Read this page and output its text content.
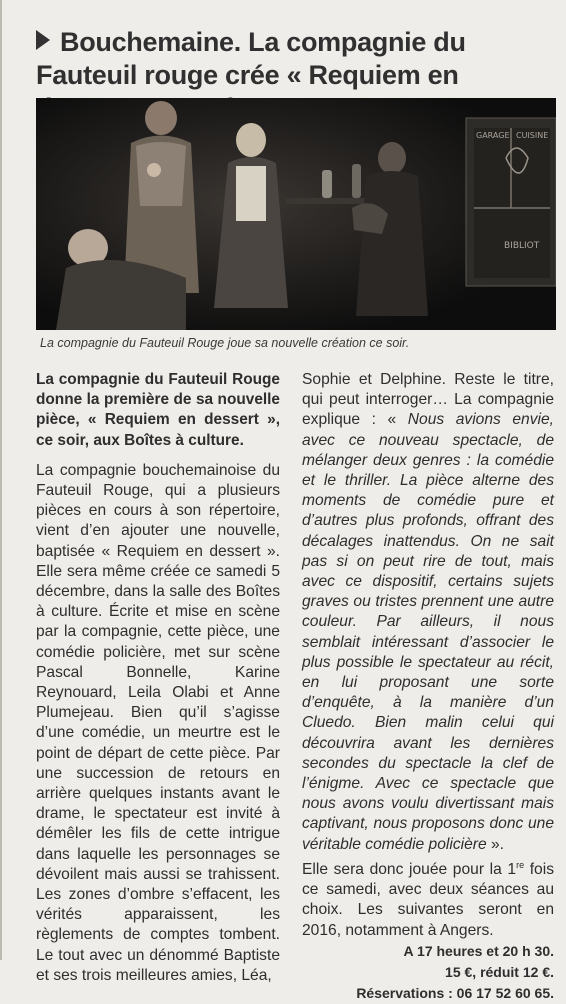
Bouchemaine. La compagnie du Fauteuil rouge crée « Requiem en
GARAGE CUISINE
BIBLIOT
La compagnie du Fauteuil Rouge joue sa nouvelle création ce soir.

La compagnie du Fauteuil Rouge donne la première de sa nouvelle pièce, « Requiem en dessert », ce soir, aux Boîtes à culture.

La compagnie bouchemainoise du Fauteuil Rouge, qui a plusieurs pièces en cours à son répertoire, vient d’en ajouter une nouvelle, baptisée « Requiem en dessert ». Elle sera même créée ce samedi 5 décembre, dans la salle des Boîtes à culture. Écrite et mise en scène par la compagnie, cette pièce, une comédie policière, met sur scène Pascal Bonnelle, Karine Reynouard, Leila Olabi et Anne Plumejeau. Bien qu’il s’agisse d’une comédie, un meurtre est le point de départ de cette pièce. Par une succession de retours en arrière quelques instants avant le drame, le spectateur est invité à démêler les fils de cette intrigue dans laquelle les personnages se dévoilent mais aussi se trahissent. Les zones d’ombre s’effacent, les vérités apparaissent, les règlements de comptes tombent. Le tout avec un dénommé Baptiste et ses trois meilleures amies, Léa,

Sophie et Delphine. Reste le titre, qui peut interroger… La compagnie explique : « Nous avions envie, avec ce nouveau spectacle, de mélanger deux genres : la comédie et le thriller. La pièce alterne des moments de comédie pure et d’autres plus profonds, offrant des décalages inattendus. On ne sait pas si on peut rire de tout, mais avec ce dispositif, certains sujets graves ou tristes prennent une autre couleur. Par ailleurs, il nous semblait intéressant d’associer le plus possible le spectateur au récit, en lui proposant une sorte d’enquête, à la manière d’un Cluedo. Bien malin celui qui découvrira avant les dernières secondes du spectacle la clef de l’énigme. Avec ce spectacle que nous avons voulu divertissant mais captivant, nous proposons donc une véritable comédie policière ».

Elle sera donc jouée pour la 1re fois ce samedi, avec deux séances au choix. Les suivantes seront en 2016, notamment à Angers.

A 17 heures et 20 h 30.
15 €, réduit 12 €.
Réservations : 06 17 52 60 65.
